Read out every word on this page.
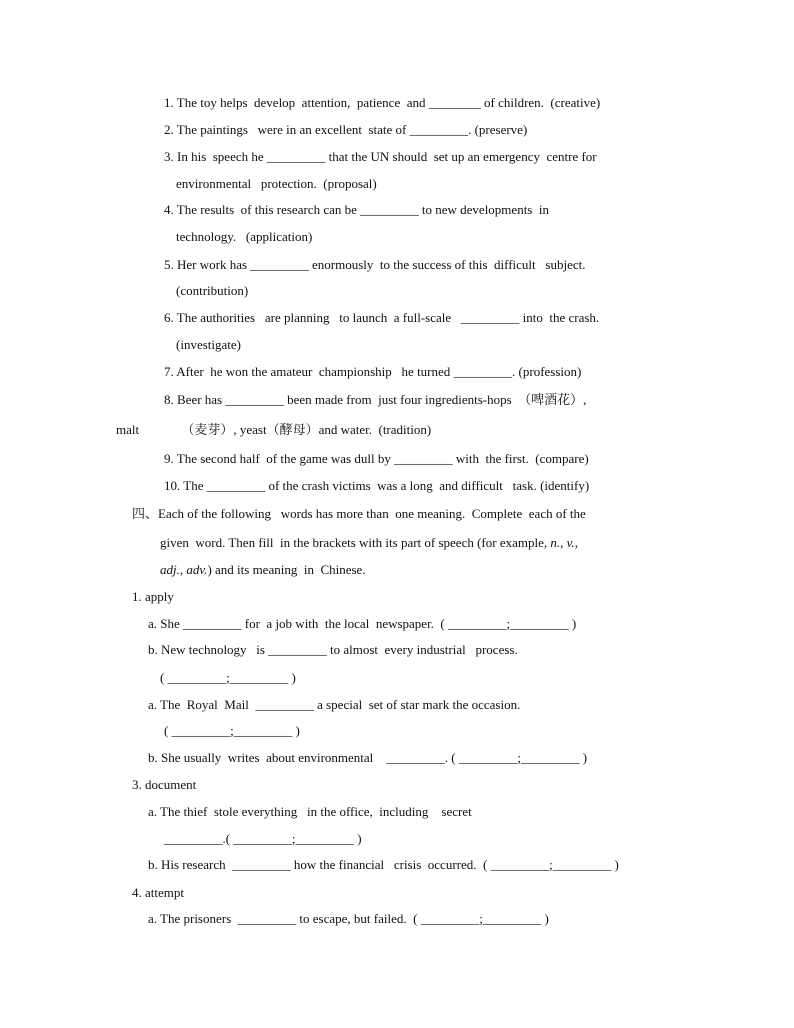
1. The toy helps  develop  attention,  patience  and ________ of children.  (creative)
2. The paintings   were in an excellent  state of _________. (preserve)
3. In his  speech he _________ that the UN should  set up an emergency  centre for
environmental   protection.  (proposal)
4. The results  of this research can be _________ to new developments  in
technology.   (application)
5. Her work has _________ enormously  to the success of this  difficult   subject.
(contribution)
6. The authorities   are planning   to launch  a full-scale   _________ into  the crash.
(investigate)
7. After  he won the amateur  championship   he turned _________. (profession)
8. Beer has _________ been made from  just four ingredients-hops  （啤酒花）,
malt             （麦芽）, yeast（酵母）and water.  (tradition)
9. The second half  of the game was dull by _________ with  the first.  (compare)
10. The _________ of the crash victims  was a long  and difficult   task. (identify)
四、Each of the following   words has more than  one meaning.  Complete  each of the
given  word. Then fill  in the brackets with its part of speech (for example, n., v.,
adj., adv.) and its meaning  in  Chinese.
1. apply
a. She _________ for  a job with  the local  newspaper.  ( _________;_________ )
b. New technology   is _________ to almost  every industrial   process.
( _________;_________ )
a. The  Royal  Mail  _________ a special  set of star mark the occasion.
( _________;_________ )
b. She usually  writes  about environmental    _________. ( _________;_________ )
3. document
a. The thief  stole everything   in the office,  including    secret
_________.( _________;_________ )
b. His research  _________ how the financial   crisis  occurred.  ( _________;_________ )
4. attempt
a. The prisoners  _________ to escape, but failed.  ( _________;_________ )
